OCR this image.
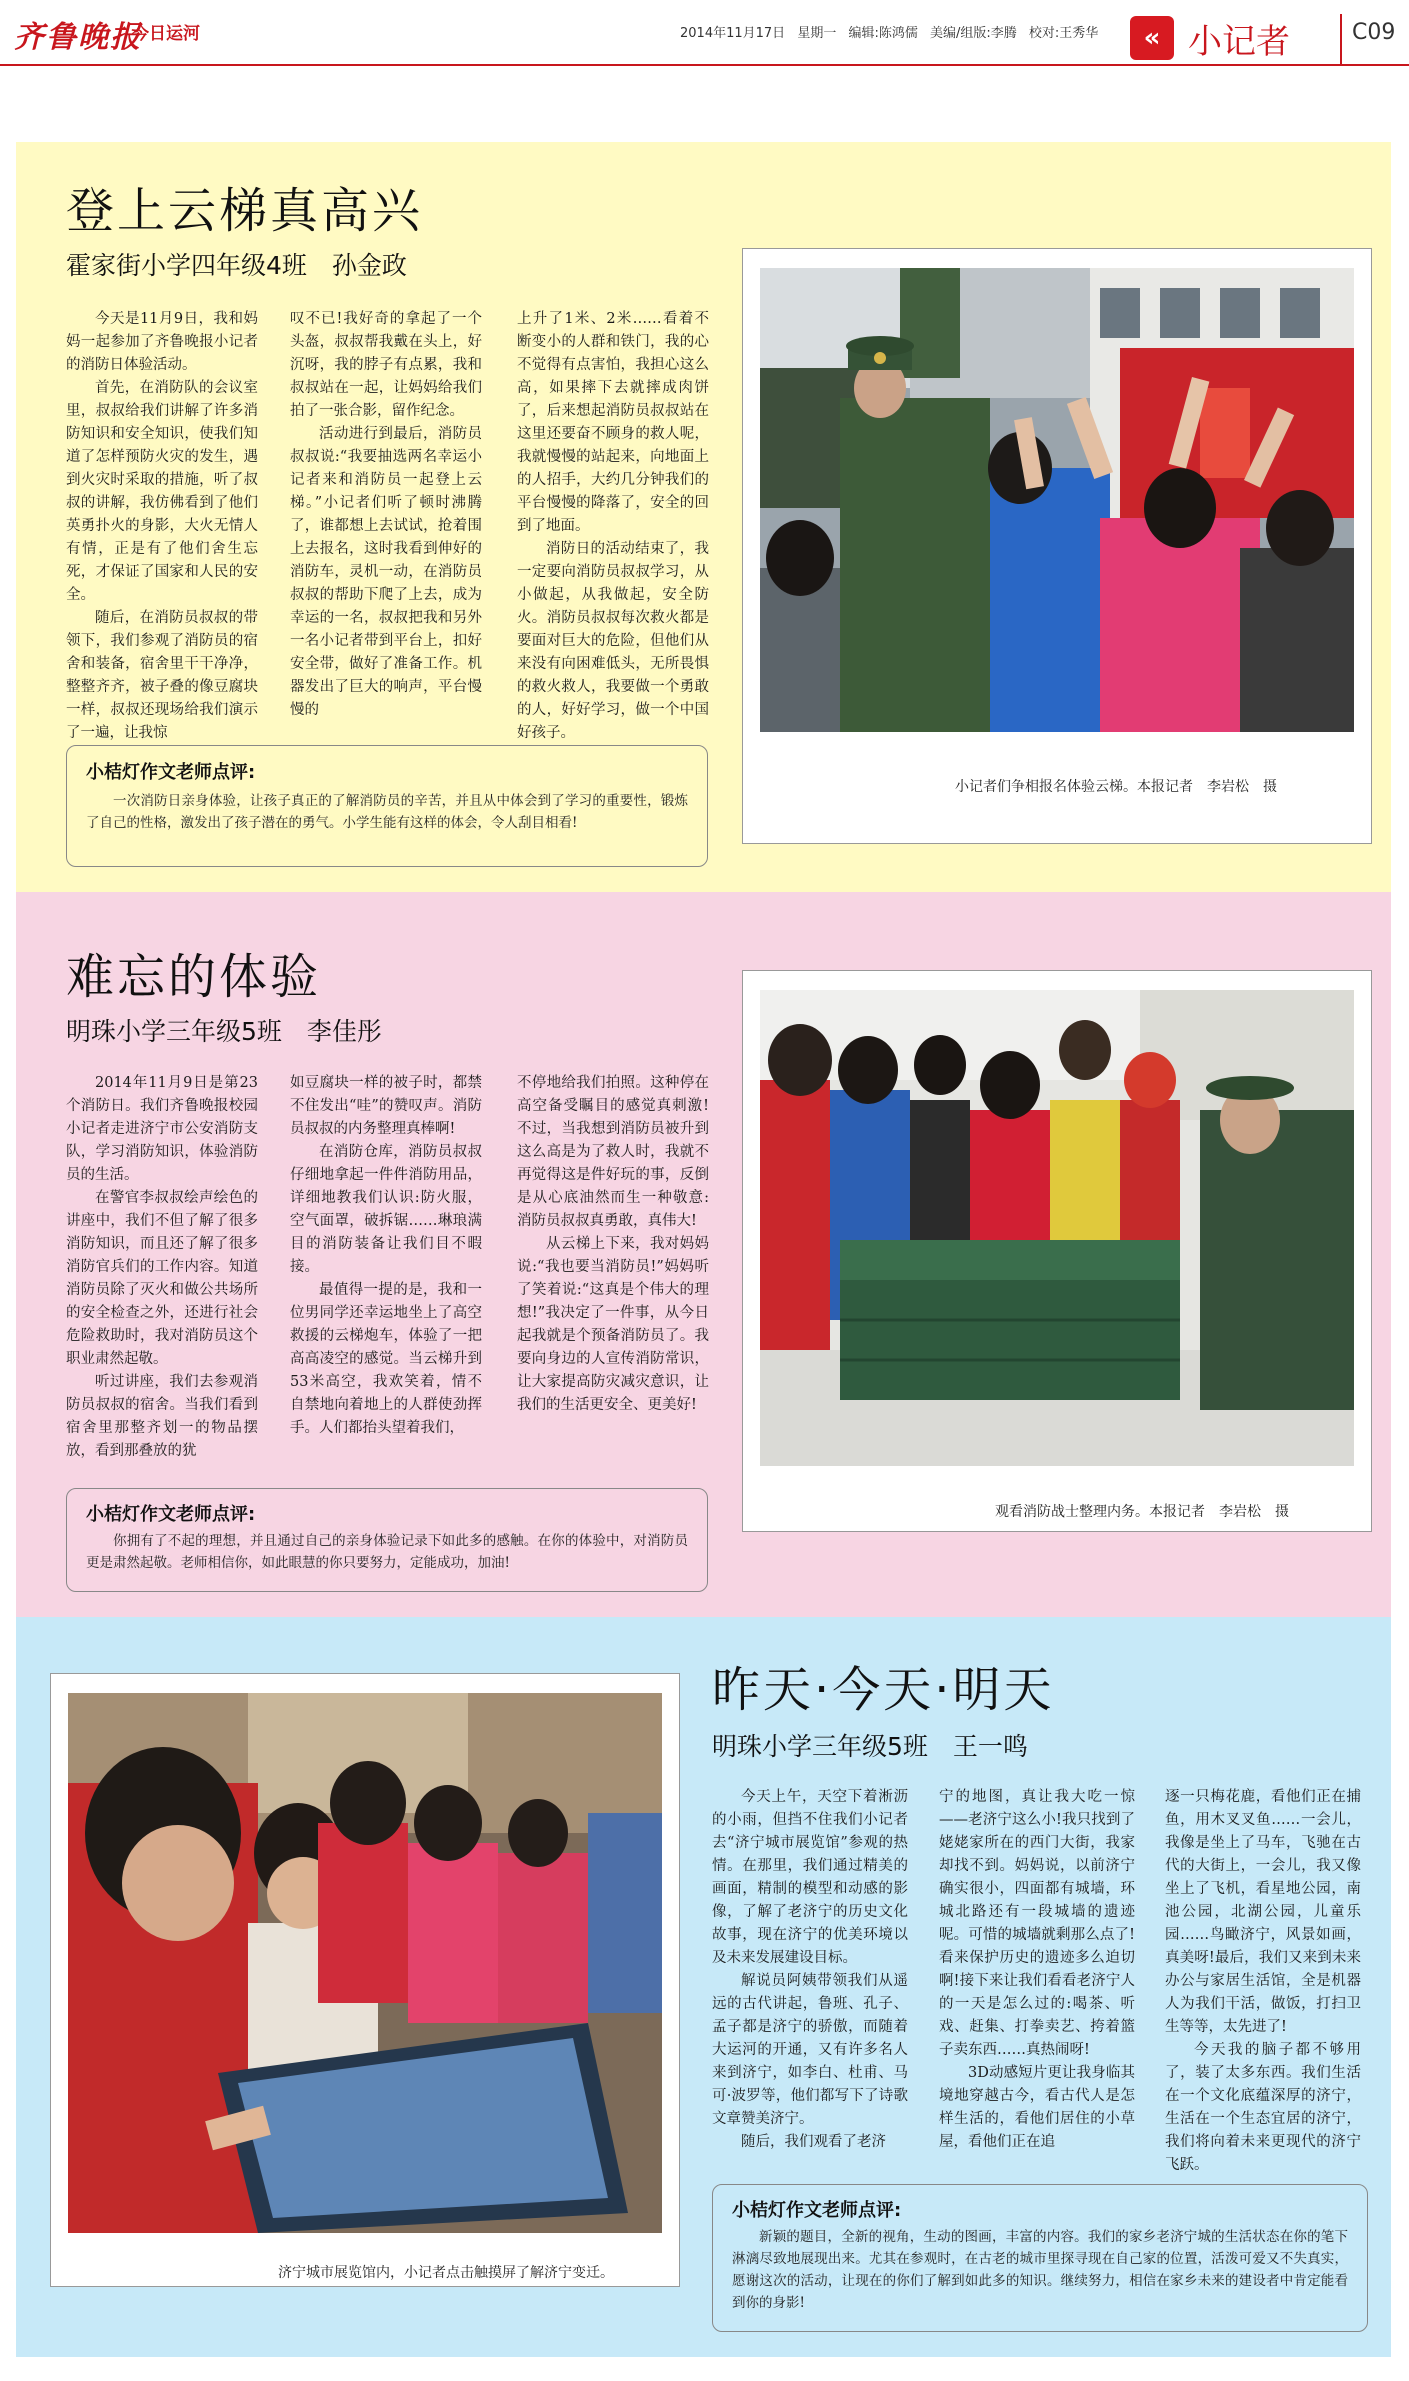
齐鲁晚报
今日运河	2014年11月17日 星期一 编辑:陈鸿儒 美编/组版:李腾 校对:王秀华	« 小记者	C09
登上云梯真高兴
霍家街小学四年级4班　孙金政

今天是11月9日，我和妈妈一起参加了齐鲁晚报小记者的消防日体验活动。

首先，在消防队的会议室里，叔叔给我们讲解了许多消防知识和安全知识，使我们知道了怎样预防火灾的发生，遇到火灾时采取的措施，听了叔叔的讲解，我仿佛看到了他们英勇扑火的身影，大火无情人有情，正是有了他们舍生忘死，才保证了国家和人民的安全。

随后，在消防员叔叔的带领下，我们参观了消防员的宿舍和装备，宿舍里干干净净，整整齐齐，被子叠的像豆腐块一样，叔叔还现场给我们演示了一遍，让我惊

叹不已!我好奇的拿起了一个头盔，叔叔帮我戴在头上，好沉呀，我的脖子有点累，我和叔叔站在一起，让妈妈给我们拍了一张合影，留作纪念。

活动进行到最后，消防员叔叔说:“我要抽选两名幸运小记者来和消防员一起登上云梯。”小记者们听了顿时沸腾了，谁都想上去试试，抢着围上去报名，这时我看到伸好的消防车，灵机一动，在消防员叔叔的帮助下爬了上去，成为幸运的一名，叔叔把我和另外一名小记者带到平台上，扣好安全带，做好了准备工作。机器发出了巨大的响声，平台慢慢的

上升了1米、2米……看着不断变小的人群和铁门，我的心不觉得有点害怕，我担心这么高，如果摔下去就摔成肉饼了，后来想起消防员叔叔站在这里还要奋不顾身的救人呢，我就慢慢的站起来，向地面上的人招手，大约几分钟我们的平台慢慢的降落了，安全的回到了地面。

消防日的活动结束了，我一定要向消防员叔叔学习，从小做起，从我做起，安全防火。消防员叔叔每次救火都是要面对巨大的危险，但他们从来没有向困难低头，无所畏惧的救火救人，我要做一个勇敢的人，好好学习，做一个中国好孩子。

小记者们争相报名体验云梯。本报记者　李岩松　摄
小桔灯作文老师点评:

一次消防日亲身体验，让孩子真正的了解消防员的辛苦，并且从中体会到了学习的重要性，锻炼了自己的性格，激发出了孩子潜在的勇气。小学生能有这样的体会，令人刮目相看!

难忘的体验
明珠小学三年级5班　李佳彤

2014年11月9日是第23个消防日。我们齐鲁晚报校园小记者走进济宁市公安消防支队，学习消防知识，体验消防员的生活。

在警官李叔叔绘声绘色的讲座中，我们不但了解了很多消防知识，而且还了解了很多消防官兵们的工作内容。知道消防员除了灭火和做公共场所的安全检查之外，还进行社会危险救助时，我对消防员这个职业肃然起敬。

听过讲座，我们去参观消防员叔叔的宿舍。当我们看到宿舍里那整齐划一的物品摆放，看到那叠放的犹

如豆腐块一样的被子时，都禁不住发出“哇”的赞叹声。消防员叔叔的内务整理真棒啊!

在消防仓库，消防员叔叔仔细地拿起一件件消防用品，详细地教我们认识:防火服，空气面罩，破拆锯……琳琅满目的消防装备让我们目不暇接。

最值得一提的是，我和一位男同学还幸运地坐上了高空救援的云梯炮车，体验了一把高高凌空的感觉。当云梯升到53米高空，我欢笑着，情不自禁地向着地上的人群使劲挥手。人们都抬头望着我们，

不停地给我们拍照。这种停在高空备受瞩目的感觉真刺激!不过，当我想到消防员被升到这么高是为了救人时，我就不再觉得这是件好玩的事，反倒是从心底油然而生一种敬意:消防员叔叔真勇敢，真伟大!

从云梯上下来，我对妈妈说:“我也要当消防员!”妈妈听了笑着说:“这真是个伟大的理想!”我决定了一件事，从今日起我就是个预备消防员了。我要向身边的人宣传消防常识，让大家提高防灾减灾意识，让我们的生活更安全、更美好!

观看消防战士整理内务。本报记者　李岩松　摄
小桔灯作文老师点评:

你拥有了不起的理想，并且通过自己的亲身体验记录下如此多的感触。在你的体验中，对消防员更是肃然起敬。老师相信你，如此眼慧的你只要努力，定能成功，加油!

济宁城市展览馆内，小记者点击触摸屏了解济宁变迁。
昨天·今天·明天
明珠小学三年级5班　王一鸣

今天上午，天空下着淅沥的小雨，但挡不住我们小记者去“济宁城市展览馆”参观的热情。在那里，我们通过精美的画面，精制的模型和动感的影像，了解了老济宁的历史文化故事，现在济宁的优美环境以及未来发展建设目标。

解说员阿姨带领我们从遥远的古代讲起，鲁班、孔子、孟子都是济宁的骄傲，而随着大运河的开通，又有许多名人来到济宁，如李白、杜甫、马可·波罗等，他们都写下了诗歌文章赞美济宁。

随后，我们观看了老济

宁的地图，真让我大吃一惊——老济宁这么小!我只找到了姥姥家所在的西门大街，我家却找不到。妈妈说，以前济宁确实很小，四面都有城墙，环城北路还有一段城墙的遗迹呢。可惜的城墙就剩那么点了!看来保护历史的遗迹多么迫切啊!接下来让我们看看老济宁人的一天是怎么过的:喝茶、听戏、赶集、打拳卖艺、挎着篮子卖东西……真热闹呀!

3D动感短片更让我身临其境地穿越古今，看古代人是怎样生活的，看他们居住的小草屋，看他们正在追

逐一只梅花鹿，看他们正在捕鱼，用木叉叉鱼……一会儿，我像是坐上了马车，飞驰在古代的大街上，一会儿，我又像坐上了飞机，看星地公园，南池公园，北湖公园，儿童乐园……鸟瞰济宁，风景如画，真美呀!最后，我们又来到未来办公与家居生活馆，全是机器人为我们干活，做饭，打扫卫生等等，太先进了!

今天我的脑子都不够用了，装了太多东西。我们生活在一个文化底蕴深厚的济宁，生活在一个生态宜居的济宁，我们将向着未来更现代的济宁飞跃。

小桔灯作文老师点评:

新颖的题目，全新的视角，生动的图画，丰富的内容。我们的家乡老济宁城的生活状态在你的笔下淋漓尽致地展现出来。尤其在参观时，在古老的城市里探寻现在自己家的位置，活泼可爱又不失真实，愿谢这次的活动，让现在的你们了解到如此多的知识。继续努力，相信在家乡未来的建设者中肯定能看到你的身影!
